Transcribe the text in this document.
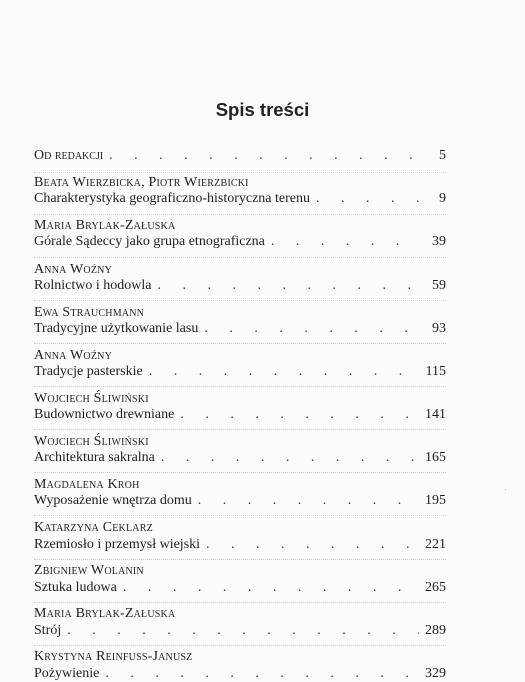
Spis treści
Od redakcji . . .	5
Beata Wierzbicka, Piotr Wierzbicki
Charakterystyka geograficzno-historyczna terenu . . .	9
Maria Brylak-Załuska
Górale Sądeccy jako grupa etnograficzna . . .	39
Anna Woźny
Rolnictwo i hodowla . . .	59
Ewa Strauchmann
Tradycyjne użytkowanie lasu . . .	93
Anna Woźny
Tradycje pasterskie . . .	115
Wojciech Śliwiński
Budownictwo drewniane . . .	141
Wojciech Śliwiński
Architektura sakralna . . .	165
Magdalena Kroh
Wyposażenie wnętrza domu . . .	195
Katarzyna Ceklarz
Rzemiosło i przemysł wiejski . . .	221
Zbigniew Wolanin
Sztuka ludowa . . .	265
Maria Brylak-Załuska
Strój . . .	289
Krystyna Reinfuss-Janusz
Pożywienie . . .	329
